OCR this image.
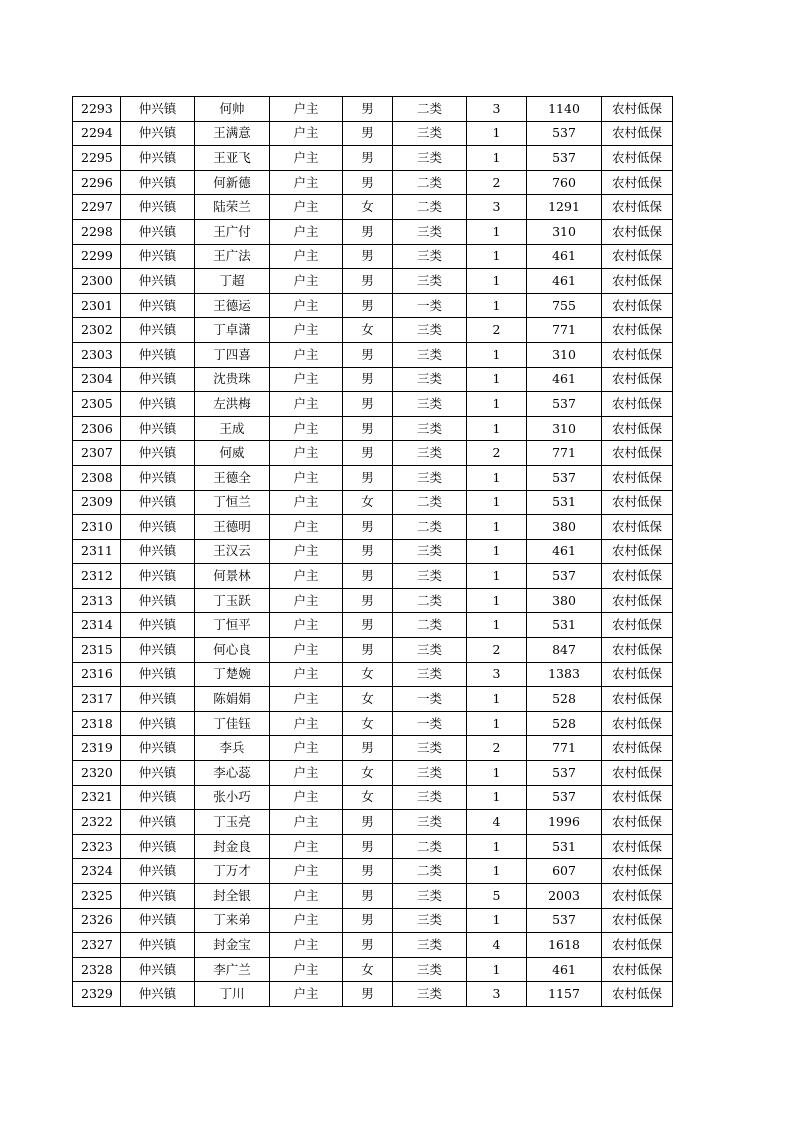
2293	仲兴镇	何帅	户主	男	二类	3	1140	农村低保
2294	仲兴镇	王满意	户主	男	三类	1	537	农村低保
2295	仲兴镇	王亚飞	户主	男	三类	1	537	农村低保
2296	仲兴镇	何新德	户主	男	二类	2	760	农村低保
2297	仲兴镇	陆荣兰	户主	女	二类	3	1291	农村低保
2298	仲兴镇	王广付	户主	男	三类	1	310	农村低保
2299	仲兴镇	王广法	户主	男	三类	1	461	农村低保
2300	仲兴镇	丁超	户主	男	三类	1	461	农村低保
2301	仲兴镇	王德运	户主	男	一类	1	755	农村低保
2302	仲兴镇	丁卓潇	户主	女	三类	2	771	农村低保
2303	仲兴镇	丁四喜	户主	男	三类	1	310	农村低保
2304	仲兴镇	沈贵珠	户主	男	三类	1	461	农村低保
2305	仲兴镇	左洪梅	户主	男	三类	1	537	农村低保
2306	仲兴镇	王成	户主	男	三类	1	310	农村低保
2307	仲兴镇	何威	户主	男	三类	2	771	农村低保
2308	仲兴镇	王德全	户主	男	三类	1	537	农村低保
2309	仲兴镇	丁恒兰	户主	女	二类	1	531	农村低保
2310	仲兴镇	王德明	户主	男	二类	1	380	农村低保
2311	仲兴镇	王汉云	户主	男	三类	1	461	农村低保
2312	仲兴镇	何景林	户主	男	三类	1	537	农村低保
2313	仲兴镇	丁玉跃	户主	男	二类	1	380	农村低保
2314	仲兴镇	丁恒平	户主	男	二类	1	531	农村低保
2315	仲兴镇	何心良	户主	男	三类	2	847	农村低保
2316	仲兴镇	丁楚婉	户主	女	三类	3	1383	农村低保
2317	仲兴镇	陈娟娟	户主	女	一类	1	528	农村低保
2318	仲兴镇	丁佳钰	户主	女	一类	1	528	农村低保
2319	仲兴镇	李兵	户主	男	三类	2	771	农村低保
2320	仲兴镇	李心蕊	户主	女	三类	1	537	农村低保
2321	仲兴镇	张小巧	户主	女	三类	1	537	农村低保
2322	仲兴镇	丁玉亮	户主	男	三类	4	1996	农村低保
2323	仲兴镇	封金良	户主	男	二类	1	531	农村低保
2324	仲兴镇	丁万才	户主	男	二类	1	607	农村低保
2325	仲兴镇	封全银	户主	男	三类	5	2003	农村低保
2326	仲兴镇	丁来弟	户主	男	三类	1	537	农村低保
2327	仲兴镇	封金宝	户主	男	三类	4	1618	农村低保
2328	仲兴镇	李广兰	户主	女	三类	1	461	农村低保
2329	仲兴镇	丁川	户主	男	三类	3	1157	农村低保
